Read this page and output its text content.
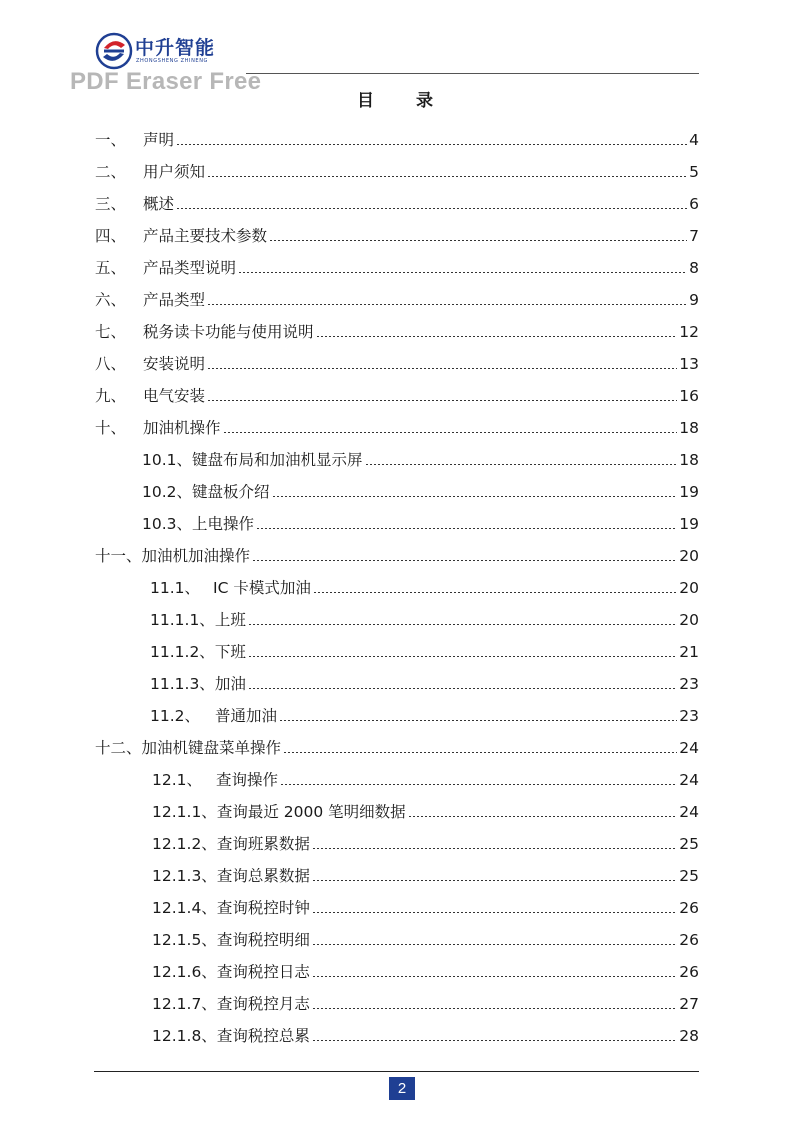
中升智能
ZHONGSHENG ZHINENG
PDF Eraser Free
目 录
一、	声明	4
二、	用户须知	5
三、	概述	6
四、	产品主要技术参数	7
五、	产品类型说明	8
六、	产品类型	9
七、	税务读卡功能与使用说明	12
八、	安装说明	13
九、	电气安装	16
十、	加油机操作	18
10.1、 键盘布局和加油机显示屏	18
10.2、 键盘板介绍	19
10.3、 上电操作	19
十一、 加油机加油操作	20
11.1、 IC 卡模式加油	20
11.1.1、 上班	20
11.1.2、 下班	21
11.1.3、 加油	23
11.2、 普通加油	23
十二、 加油机键盘菜单操作	24
12.1、 查询操作	24
12.1.1、 查询最近 2000 笔明细数据	24
12.1.2、 查询班累数据	25
12.1.3、 查询总累数据	25
12.1.4、 查询税控时钟	26
12.1.5、 查询税控明细	26
12.1.6、 查询税控日志	26
12.1.7、 查询税控月志	27
12.1.8、 查询税控总累	28
2
